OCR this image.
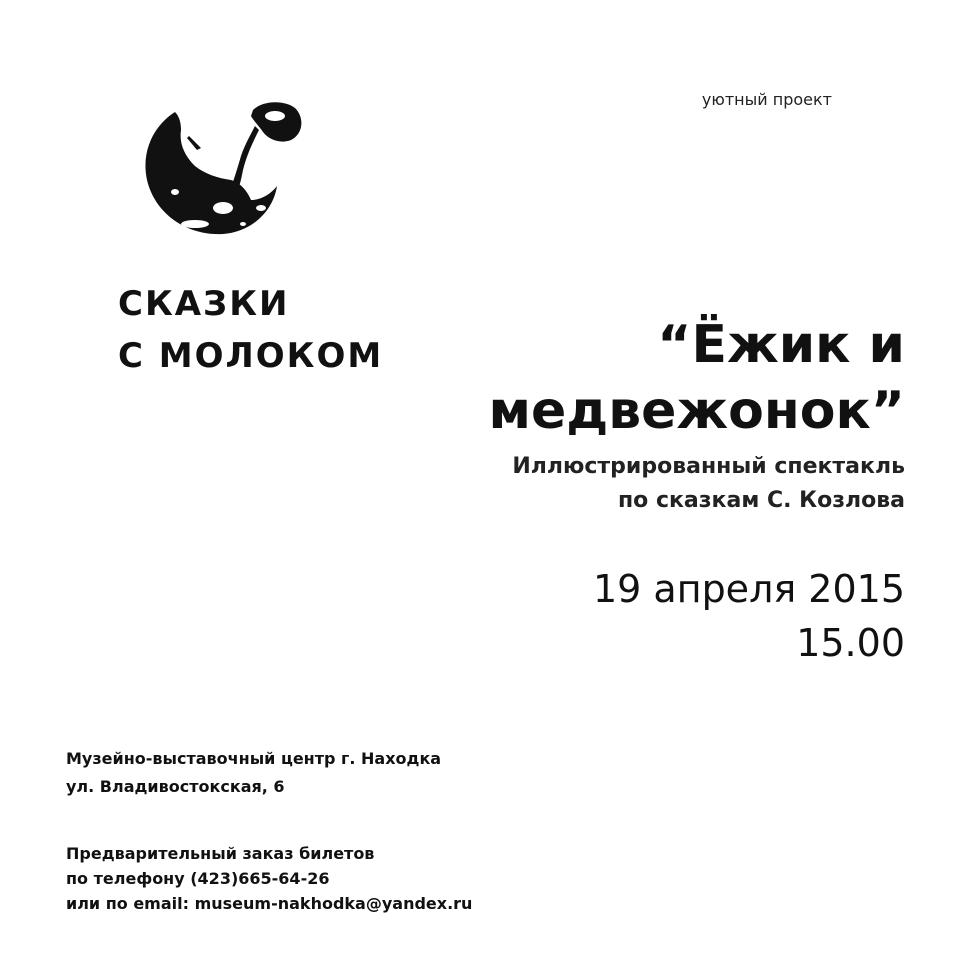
уютный проект
СКАЗКИ
С МОЛОКОМ	“Ёжик и
медвежонок”
Иллюстрированный спектакль
по сказкам С. Козлова
19 апреля 2015
15.00
Музейно-выставочный центр г. Находка
ул. Владивостокская, 6
Предварительный заказ билетов
по телефону (423)665-64-26
или по email: museum-nakhodka@yandex.ru
